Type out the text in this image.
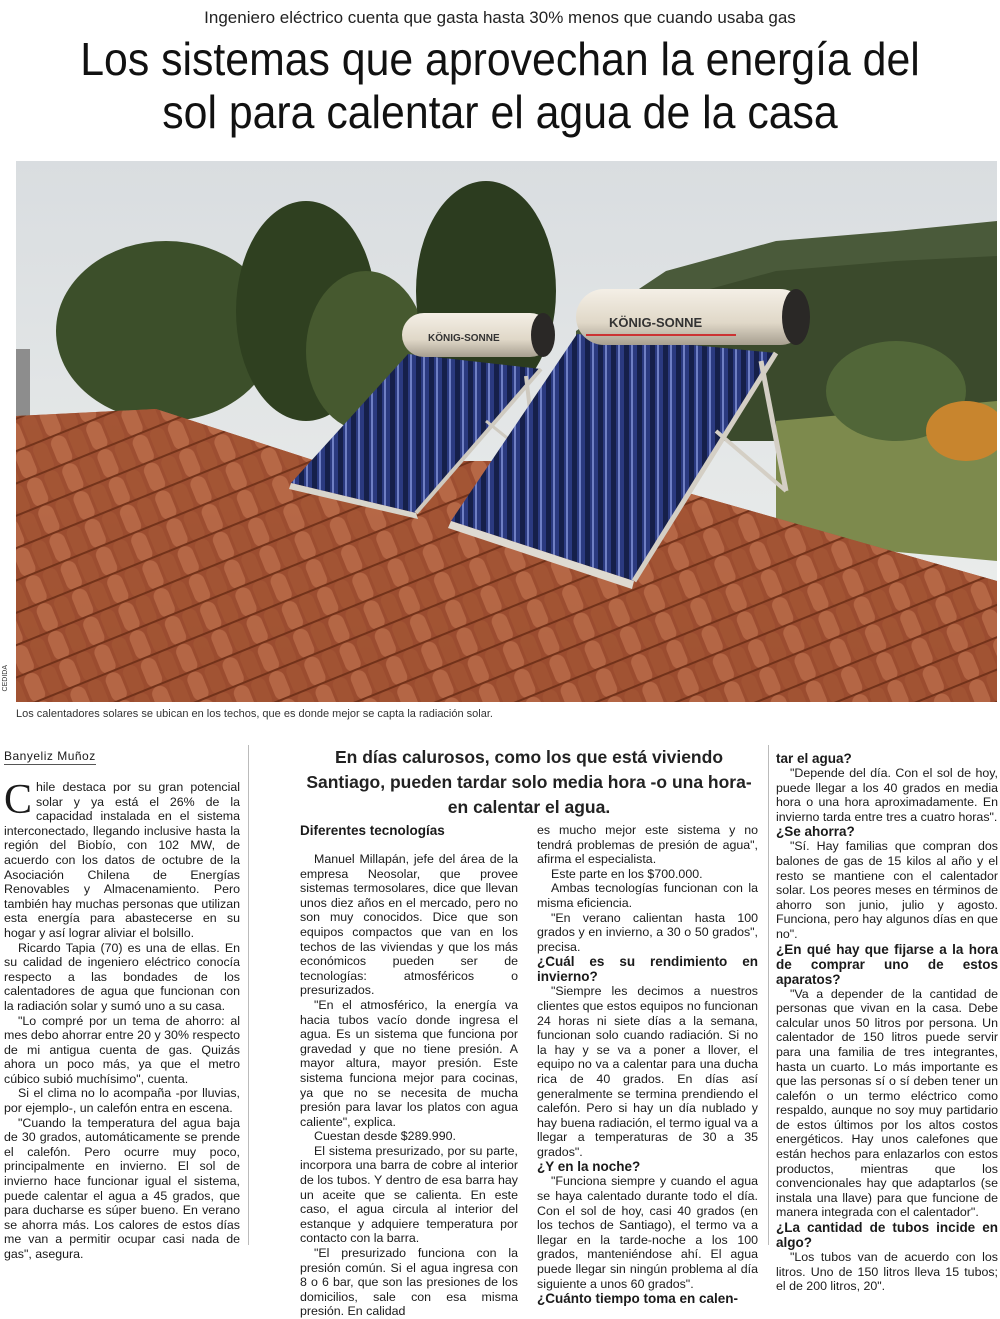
Ingeniero eléctrico cuenta que gasta hasta 30% menos que cuando usaba gas
Los sistemas que aprovechan la energía del
sol para calentar el agua de la casa
KÖNIG-SONNE
KÖNIG-SONNE
CEDIDA
Los calentadores solares se ubican en los techos, que es donde mejor se capta la radiación solar.
Banyeliz Muñoz

Chile destaca por su gran potencial solar y ya está el 26% de la capacidad instalada en el sistema interconectado, llegando inclusive hasta la región del Biobío, con 102 MW, de acuerdo con los datos de octubre de la Asociación Chilena de Energías Renovables y Almacenamiento. Pero también hay muchas personas que utilizan esta energía para abastecerse en su hogar y así lograr aliviar el bolsillo.

Ricardo Tapia (70) es una de ellas. En su calidad de ingeniero eléctrico conocía respecto a las bondades de los calentadores de agua que funcionan con la radiación solar y sumó uno a su casa.

"Lo compré por un tema de ahorro: al mes debo ahorrar entre 20 y 30% respecto de mi antigua cuenta de gas. Quizás ahora un poco más, ya que el metro cúbico subió muchísimo", cuenta.

Si el clima no lo acompaña -por lluvias, por ejemplo-, un calefón entra en escena.

"Cuando la temperatura del agua baja de 30 grados, automáticamente se prende el calefón. Pero ocurre muy poco, principalmente en invierno. El sol de invierno hace funcionar igual el sistema, puede calentar el agua a 45 grados, que para ducharse es súper bueno. En verano se ahorra más. Los calores de estos días me van a permitir ocupar casi nada de gas", asegura.

En días calurosos, como los que está viviendo Santiago, pueden tardar solo media hora -o una hora- en calentar el agua.
Diferentes tecnologías

Manuel Millapán, jefe del área de la empresa Neosolar, que provee sistemas termosolares, dice que llevan unos diez años en el mercado, pero no son muy conocidos. Dice que son equipos compactos que van en los techos de las viviendas y que los más económicos pueden ser de tecnologías: atmosféricos o presurizados.

"En el atmosférico, la energía va hacia tubos vacío donde ingresa el agua. Es un sistema que funciona por gravedad y que no tiene presión. A mayor altura, mayor presión. Este sistema funciona mejor para cocinas, ya que no se necesita de mucha presión para lavar los platos con agua caliente", explica.

Cuestan desde $289.990.

El sistema presurizado, por su parte, incorpora una barra de cobre al interior de los tubos. Y dentro de esa barra hay un aceite que se calienta. En este caso, el agua circula al interior del estanque y adquiere temperatura por contacto con la barra.

"El presurizado funciona con la presión común. Si el agua ingresa con 8 o 6 bar, que son las presiones de los domicilios, sale con esa misma presión. En calidad

es mucho mejor este sistema y no tendrá problemas de presión de agua", afirma el especialista.

Este parte en los $700.000.

Ambas tecnologías funcionan con la misma eficiencia.

"En verano calientan hasta 100 grados y en invierno, a 30 o 50 grados", precisa.

¿Cuál es su rendimiento en invierno?

"Siempre les decimos a nuestros clientes que estos equipos no funcionan 24 horas ni siete días a la semana, funcionan solo cuando radiación. Si no la hay y se va a poner a llover, el equipo no va a calentar para una ducha rica de 40 grados. En días así generalmente se termina prendiendo el calefón. Pero si hay un día nublado y hay buena radiación, el termo igual va a llegar a temperaturas de 30 a 35 grados".

¿Y en la noche?

"Funciona siempre y cuando el agua se haya calentado durante todo el día. Con el sol de hoy, casi 40 grados (en los techos de Santiago), el termo va a llegar en la tarde-noche a los 100 grados, manteniéndose ahí. El agua puede llegar sin ningún problema al día siguiente a unos 60 grados".

¿Cuánto tiempo toma en calen-

tar el agua?

"Depende del día. Con el sol de hoy, puede llegar a los 40 grados en media hora o una hora aproximadamente. En invierno tarda entre tres a cuatro horas".

¿Se ahorra?

"Sí. Hay familias que compran dos balones de gas de 15 kilos al año y el resto se mantiene con el calentador solar. Los peores meses en términos de ahorro son junio, julio y agosto. Funciona, pero hay algunos días en que no".

¿En qué hay que fijarse a la hora de comprar uno de estos aparatos?

"Va a depender de la cantidad de personas que vivan en la casa. Debe calcular unos 50 litros por persona. Un calentador de 150 litros puede servir para una familia de tres integrantes, hasta un cuarto. Lo más importante es que las personas sí o sí deben tener un calefón o un termo eléctrico como respaldo, aunque no soy muy partidario de estos últimos por los altos costos energéticos. Hay unos calefones que están hechos para enlazarlos con estos productos, mientras que los convencionales hay que adaptarlos (se instala una llave) para que funcione de manera integrada con el calentador".

¿La cantidad de tubos incide en algo?

"Los tubos van de acuerdo con los litros. Uno de 150 litros lleva 15 tubos; el de 200 litros, 20".
